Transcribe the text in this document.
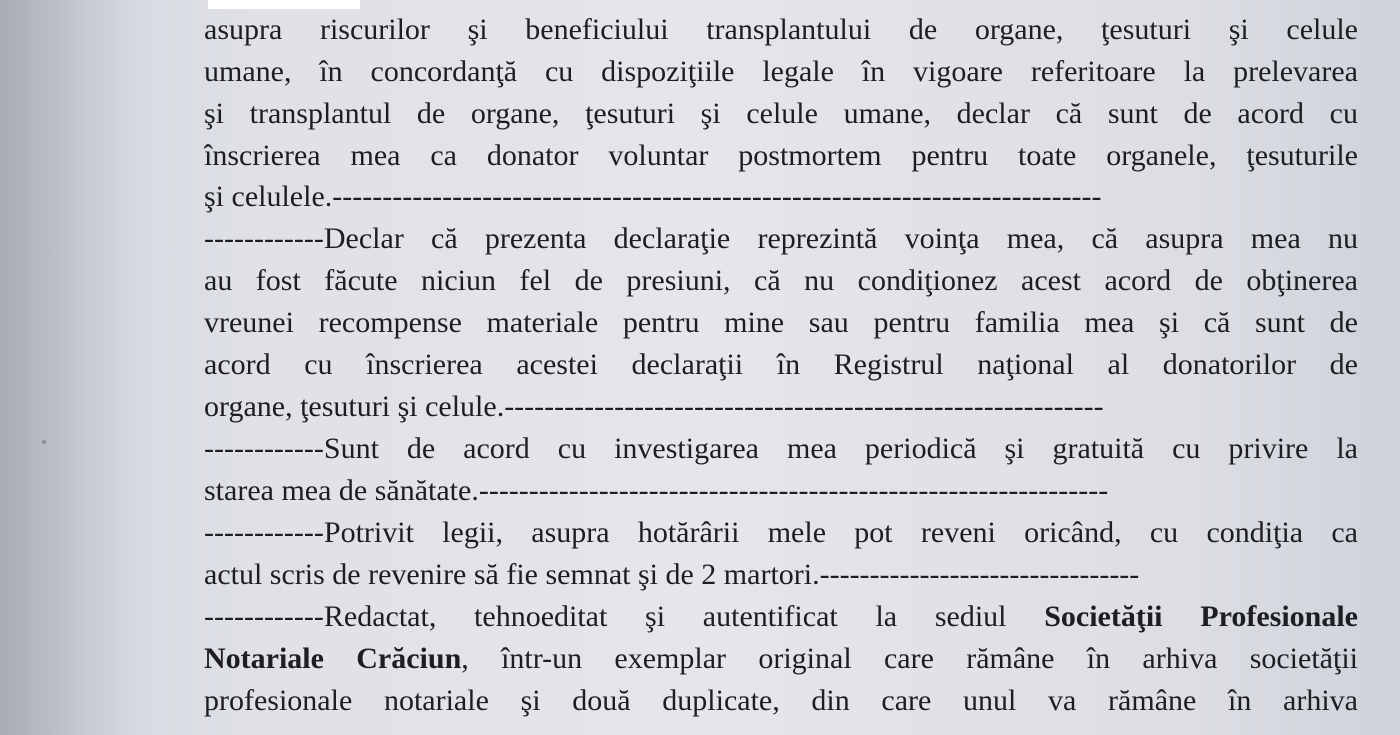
asupra riscurilor şi beneficiului transplantului de organe, ţesuturi şi celule
umane, în concordanţă cu dispoziţiile legale în vigoare referitoare la prelevarea
şi transplantul de organe, ţesuturi şi celule umane, declar că sunt de acord cu
înscrierea mea ca donator voluntar postmortem pentru toate organele, ţesuturile
şi celulele.-----------------------------------------------------------------------------
------------Declar că prezenta declaraţie reprezintă voinţa mea, că asupra mea nu
au fost făcute niciun fel de presiuni, că nu condiţionez acest acord de obţinerea
vreunei recompense materiale pentru mine sau pentru familia mea şi că sunt de
acord cu înscrierea acestei declaraţii în Registrul naţional al donatorilor de
organe, ţesuturi şi celule.------------------------------------------------------------
------------Sunt de acord cu investigarea mea periodică şi gratuită cu privire la
starea mea de sănătate.---------------------------------------------------------------
------------Potrivit legii, asupra hotărârii mele pot reveni oricând, cu condiţia ca
actul scris de revenire să fie semnat şi de 2 martori.--------------------------------
------------Redactat, tehnoeditat şi autentificat la sediul Societăţii Profesionale
Notariale Crăciun, într-un exemplar original care rămâne în arhiva societăţii
profesionale notariale şi două duplicate, din care unul va rămâne în arhiva
